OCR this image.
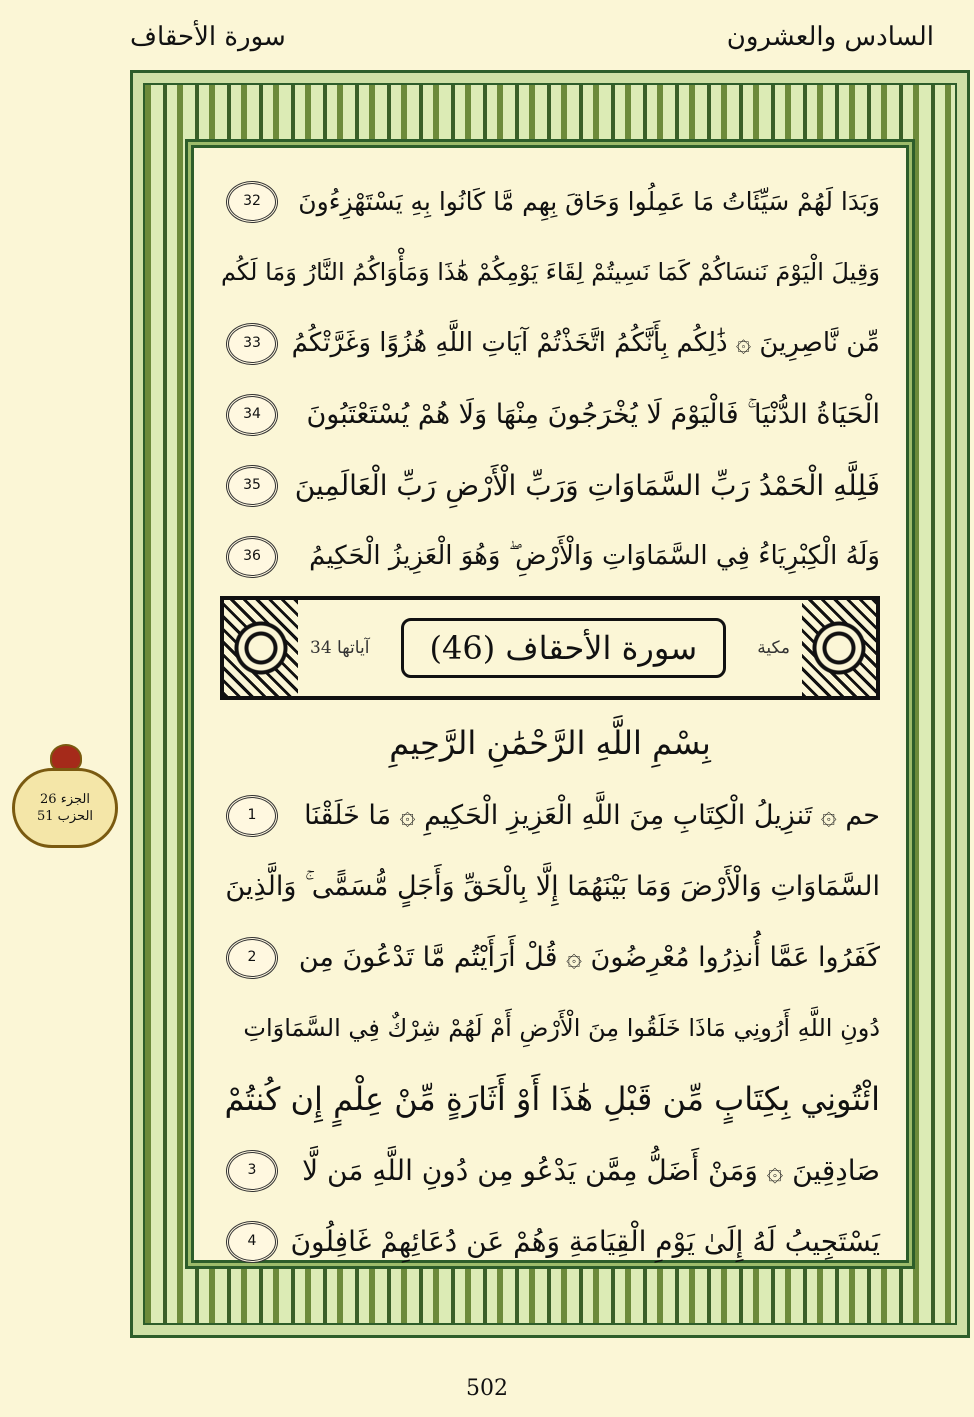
السادس والعشرون
سورة الأحقاف
الجزء 26
الحزب 51
وَبَدَا لَهُمْ سَيِّئَاتُ مَا عَمِلُوا وَحَاقَ بِهِم مَّا كَانُوا بِهِ يَسْتَهْزِءُونَ
32
وَقِيلَ الْيَوْمَ نَنسَاكُمْ كَمَا نَسِيتُمْ لِقَاءَ يَوْمِكُمْ هَٰذَا وَمَأْوَاكُمُ النَّارُ وَمَا لَكُم
مِّن نَّاصِرِينَ ۞ ذَٰلِكُم بِأَنَّكُمُ اتَّخَذْتُمْ آيَاتِ اللَّهِ هُزُوًا وَغَرَّتْكُمُ
33
الْحَيَاةُ الدُّنْيَا ۚ فَالْيَوْمَ لَا يُخْرَجُونَ مِنْهَا وَلَا هُمْ يُسْتَعْتَبُونَ
34
فَلِلَّهِ الْحَمْدُ رَبِّ السَّمَاوَاتِ وَرَبِّ الْأَرْضِ رَبِّ الْعَالَمِينَ
35
وَلَهُ الْكِبْرِيَاءُ فِي السَّمَاوَاتِ وَالْأَرْضِ ۖ وَهُوَ الْعَزِيزُ الْحَكِيمُ
36
مكية
سورة الأحقاف (46)
آياتها 34
بِسْمِ اللَّهِ الرَّحْمَٰنِ الرَّحِيمِ
حم ۞ تَنزِيلُ الْكِتَابِ مِنَ اللَّهِ الْعَزِيزِ الْحَكِيمِ ۞ مَا خَلَقْنَا
1
السَّمَاوَاتِ وَالْأَرْضَ وَمَا بَيْنَهُمَا إِلَّا بِالْحَقِّ وَأَجَلٍ مُّسَمًّى ۚ وَالَّذِينَ
كَفَرُوا عَمَّا أُنذِرُوا مُعْرِضُونَ ۞ قُلْ أَرَأَيْتُم مَّا تَدْعُونَ مِن
2
دُونِ اللَّهِ أَرُونِي مَاذَا خَلَقُوا مِنَ الْأَرْضِ أَمْ لَهُمْ شِرْكٌ فِي السَّمَاوَاتِ
ائْتُونِي بِكِتَابٍ مِّن قَبْلِ هَٰذَا أَوْ أَثَارَةٍ مِّنْ عِلْمٍ إِن كُنتُمْ
صَادِقِينَ ۞ وَمَنْ أَضَلُّ مِمَّن يَدْعُو مِن دُونِ اللَّهِ مَن لَّا
3
يَسْتَجِيبُ لَهُ إِلَىٰ يَوْمِ الْقِيَامَةِ وَهُمْ عَن دُعَائِهِمْ غَافِلُونَ
4
502
